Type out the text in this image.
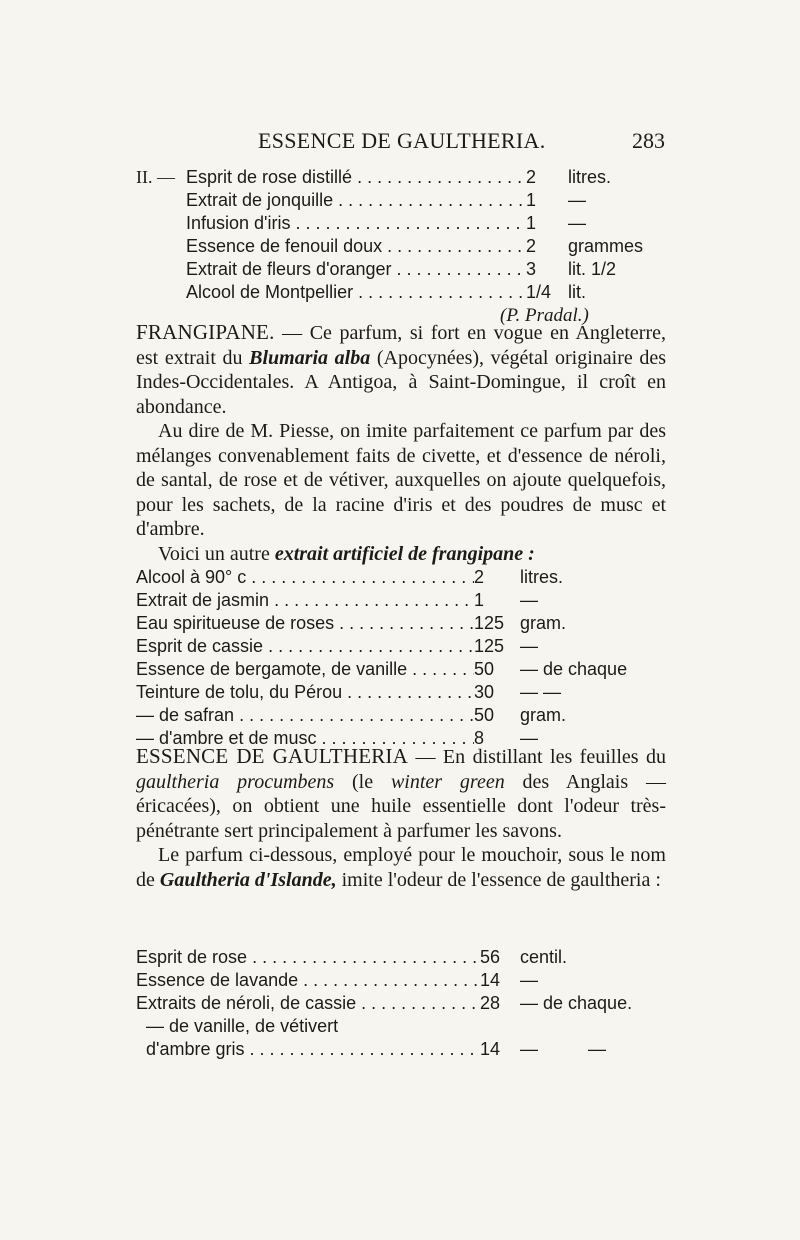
ESSENCE DE GAULTHERIA.	283
II. — Esprit de rose distillé . . .	2	litres.
Extrait de jonquille . . .	1	—
Infusion d'iris . . .	1	—
Essence de fenouil doux . . .	2	grammes
Extrait de fleurs d'oranger . . .	3	lit. 1/2
Alcool de Montpellier . . .	1/4 lit.
(P. Pradal.)

FRANGIPANE. — Ce parfum, si fort en vogue en Angleterre, est extrait du Blumaria alba (Apocynées), végétal originaire des Indes-Occidentales. A Antigoa, à Saint-Domingue, il croît en abondance.

Au dire de M. Piesse, on imite parfaitement ce parfum par des mélanges convenablement faits de civette, et d'essence de néroli, de santal, de rose et de vétiver, auxquelles on ajoute quelquefois, pour les sachets, de la racine d'iris et des poudres de musc et d'ambre.

Voici un autre extrait artificiel de frangipane :

Alcool à 90° c . . .	2	litres.
Extrait de jasmin . . .	1	—
Eau spiritueuse de roses . . .	125 gram.
Esprit de cassie . . .	125 —
Essence de bergamote, de vanille . . .	50	— de chaque
Teinture de tolu, du Pérou . . .	30	— —
— de safran . . .	50	gram.
— d'ambre et de musc . . .	8	—

ESSENCE DE GAULTHERIA — En distillant les feuilles du gaultheria procumbens (le winter green des Anglais — éricacées), on obtient une huile essentielle dont l'odeur très-pénétrante sert principalement à parfumer les savons.

Le parfum ci-dessous, employé pour le mouchoir, sous le nom de Gaultheria d'Islande, imite l'odeur de l'essence de gaultheria :

Esprit de rose . . .	56	centil.
Essence de lavande . . .	14	—
Extraits de néroli, de cassie . . .	28	— de chaque.
— de vanille, de vétivert
d'ambre gris . . .	14	—          —
